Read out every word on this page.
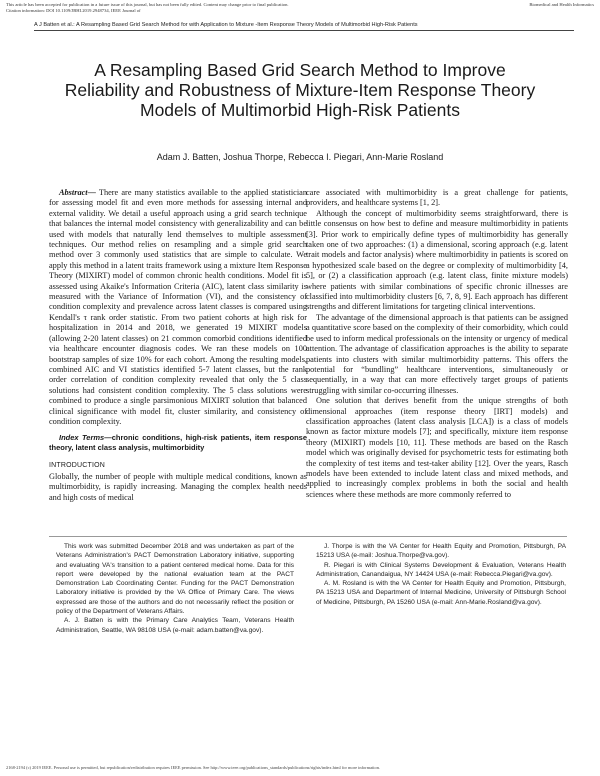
Biomedical and Health Informatics
This article has been accepted for publication in a future issue of this journal, but has not been fully edited. Content may change prior to final publication. Citation information: DOI 10.1109/JBHI.2019.2948734, IEEE Journal of
A J Batten et al.: A Resampling Based Grid Search Method for with Application to Mixture -Item Response Theory Models of Multimorbid High-Risk Patients
A Resampling Based Grid Search Method to Improve Reliability and Robustness of Mixture-Item Response Theory Models of Multimorbid High-Risk Patients
Adam J. Batten, Joshua Thorpe, Rebecca I. Piegari, Ann-Marie Rosland

Abstract— There are many statistics available to the applied statistician for assessing model fit and even more methods for assessing internal and external validity. We detail a useful approach using a grid search technique that balances the internal model consistency with generalizability and can be used with models that naturally lend themselves to multiple assessment techniques. Our method relies on resampling and a simple grid search method over 3 commonly used statistics that are simple to calculate. We apply this method in a latent traits framework using a mixture Item Response Theory (MIXIRT) model of common chronic health conditions. Model fit is assessed using Akaike's Information Criteria (AIC), latent class similarity is measured with the Variance of Information (VI), and the consistency of condition complexity and prevalence across latent classes is compared using Kendall's τ rank order statistic. From two patient cohorts at high risk for hospitalization in 2014 and 2018, we generated 19 MIXIRT models (allowing 2-20 latent classes) on 21 common comorbid conditions identified via healthcare encounter diagnosis codes. We ran these models on 100 bootstrap samples of size 10% for each cohort. Among the resulting models, combined AIC and VI statistics identified 5-7 latent classes, but the rank order correlation of condition complexity revealed that only the 5 class solutions had consistent condition complexity. The 5 class solutions were combined to produce a single parsimonious MIXIRT solution that balanced clinical significance with model fit, cluster similarity, and consistency of condition complexity.

Index Terms—chronic conditions, high-risk patients, item response theory, latent class analysis, multimorbidity

INTRODUCTION

Globally, the number of people with multiple medical conditions, known as multimorbidity, is rapidly increasing. Managing the complex health needs and high costs of medical

care associated with multimorbidity is a great challenge for patients, providers, and healthcare systems [1, 2].

Although the concept of multimorbidity seems straightforward, there is little consensus on how best to define and measure multimorbidity in patients [3]. Prior work to empirically define types of multimorbidity has generally taken one of two approaches: (1) a dimensional, scoring approach (e.g. latent trait models and factor analysis) where multimorbidity in patients is scored on a hypothesized scale based on the degree or complexity of multimorbidity [4, 5], or (2) a classification approach (e.g. latent class, finite mixture models) where patients with similar combinations of specific chronic illnesses are classified into multimorbidity clusters [6, 7, 8, 9]. Each approach has different strengths and different limitations for targeting clinical interventions.

The advantage of the dimensional approach is that patients can be assigned a quantitative score based on the complexity of their comorbidity, which could be used to inform medical professionals on the intensity or urgency of medical attention. The advantage of classification approaches is the ability to separate patients into clusters with similar multimorbidity patterns. This offers the potential for “bundling” healthcare interventions, simultaneously or sequentially, in a way that can more effectively target groups of patients struggling with similar co-occurring illnesses.

One solution that derives benefit from the unique strengths of both dimensional approaches (item response theory [IRT] models) and classification approaches (latent class analysis [LCA]) is a class of models known as factor mixture models [7]; and specifically, mixture item response theory (MIXIRT) models [10, 11]. These methods are based on the Rasch model which was originally devised for psychometric tests for estimating both the complexity of test items and test-taker ability [12]. Over the years, Rasch models have been extended to include latent class and mixed methods, and applied to increasingly complex problems in both the social and health sciences where these methods are more commonly referred to

This work was submitted December 2018 and was undertaken as part of the Veterans Administration's PACT Demonstration Laboratory initiative, supporting and evaluating VA's transition to a patient centered medical home. Data for this report were developed by the national evaluation team at the PACT Demonstration Lab Coordinating Center. Funding for the PACT Demonstration Laboratory initiative is provided by the VA Office of Primary Care. The views expressed are those of the authors and do not necessarily reflect the position or policy of the Department of Veterans Affairs.

A. J. Batten is with the Primary Care Analytics Team, Veterans Health Administration, Seattle, WA 98108 USA (e-mail: adam.batten@va.gov).

J. Thorpe is with the VA Center for Health Equity and Promotion, Pittsburgh, PA 15213 USA (e-mail: Joshua.Thorpe@va.gov).

R. Piegari is with Clinical Systems Development & Evaluation, Veterans Health Administration, Canandaigua, NY 14424 USA (e-mail: Rebecca.Piegari@va.gov).

A. M. Rosland is with the VA Center for Health Equity and Promotion, Pittsburgh, PA 15213 USA and Department of Internal Medicine, University of Pittsburgh School of Medicine, Pittsburgh, PA 15260 USA (e-mail: Ann-Marie.Rosland@va.gov).

2168-2194 (c) 2019 IEEE. Personal use is permitted, but republication/redistribution requires IEEE permission. See http://www.ieee.org/publications_standards/publications/rights/index.html for more information.
